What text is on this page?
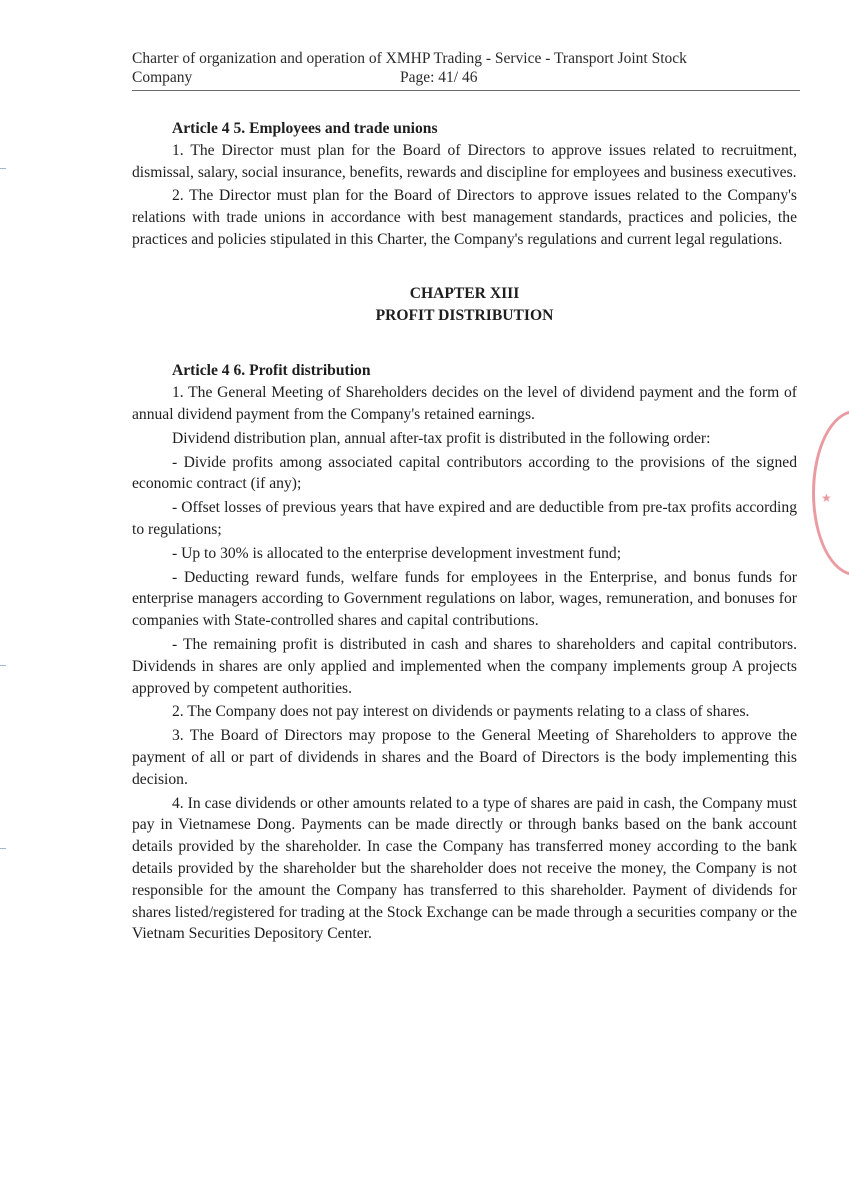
Charter of organization and operation of XMHP Trading - Service - Transport Joint Stock
Company	Page: 41/ 46

Article 4 5. Employees and trade unions

1. The Director must plan for the Board of Directors to approve issues related to recruitment, dismissal, salary, social insurance, benefits, rewards and discipline for employees and business executives.

2. The Director must plan for the Board of Directors to approve issues related to the Company's relations with trade unions in accordance with best management standards, practices and policies, the practices and policies stipulated in this Charter, the Company's regulations and current legal regulations.

CHAPTER XIII

PROFIT DISTRIBUTION

Article 4 6. Profit distribution

1. The General Meeting of Shareholders decides on the level of dividend payment and the form of annual dividend payment from the Company's retained earnings.

Dividend distribution plan, annual after-tax profit is distributed in the following order:

- Divide profits among associated capital contributors according to the provisions of the signed economic contract (if any);

- Offset losses of previous years that have expired and are deductible from pre-tax profits according to regulations;

- Up to 30% is allocated to the enterprise development investment fund;

- Deducting reward funds, welfare funds for employees in the Enterprise, and bonus funds for enterprise managers according to Government regulations on labor, wages, remuneration, and bonuses for companies with State-controlled shares and capital contributions.

- The remaining profit is distributed in cash and shares to shareholders and capital contributors. Dividends in shares are only applied and implemented when the company implements group A projects approved by competent authorities.

2. The Company does not pay interest on dividends or payments relating to a class of shares.

3. The Board of Directors may propose to the General Meeting of Shareholders to approve the payment of all or part of dividends in shares and the Board of Directors is the body implementing this decision.

4. In case dividends or other amounts related to a type of shares are paid in cash, the Company must pay in Vietnamese Dong. Payments can be made directly or through banks based on the bank account details provided by the shareholder. In case the Company has transferred money according to the bank details provided by the shareholder but the shareholder does not receive the money, the Company is not responsible for the amount the Company has transferred to this shareholder. Payment of dividends for shares listed/registered for trading at the Stock Exchange can be made through a securities company or the Vietnam Securities Depository Center.

★
